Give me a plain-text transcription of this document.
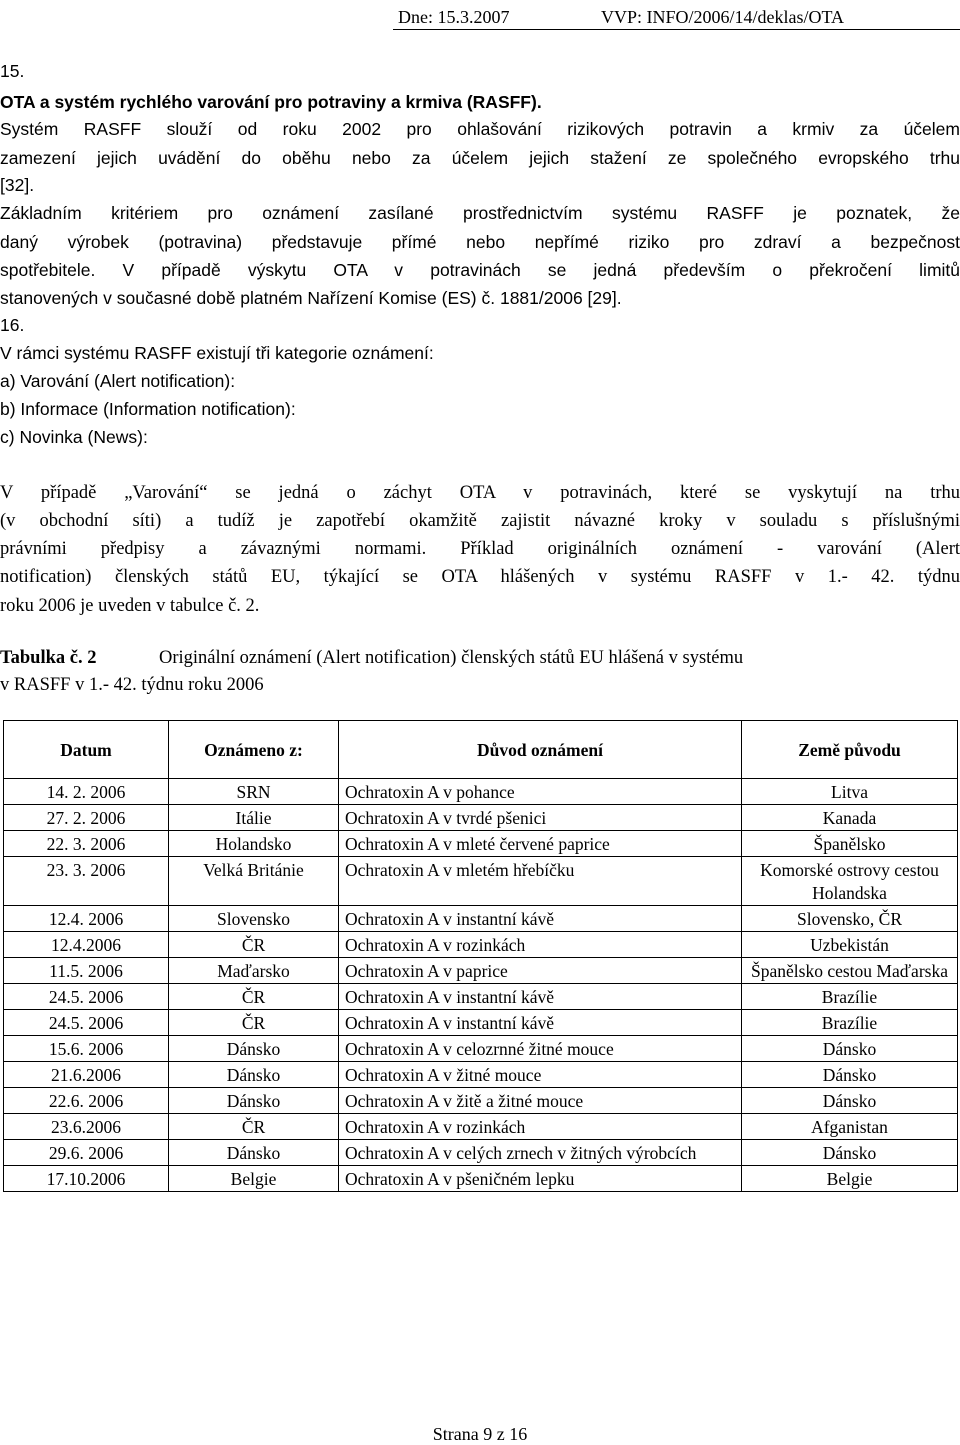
Dne: 15.3.2007	VVP: INFO/2006/14/deklas/OTA
15.
OTA a systém rychlého varování pro potraviny a krmiva (RASFF).
Systém RASFF slouží od roku 2002 pro ohlašování rizikových potravin a krmiv za účelem
zamezení jejich uvádění do oběhu nebo za účelem jejich stažení ze společného evropského trhu
[32].
Základním kritériem pro oznámení zasílané prostřednictvím systému RASFF je poznatek, že
daný výrobek (potravina) představuje přímé nebo nepřímé riziko pro zdraví a bezpečnost
spotřebitele. V případě výskytu OTA v potravinách se jedná především o překročení limitů
stanovených v současné době platném Nařízení Komise (ES) č. 1881/2006 [29].
16.
V rámci systému RASFF existují tři kategorie oznámení:
a) Varování (Alert notification):
b) Informace (Information notification):
c) Novinka (News):
V případě „Varování“ se jedná o záchyt OTA v potravinách, které se vyskytují na trhu
(v obchodní síti) a tudíž je zapotřebí okamžitě zajistit návazné kroky v souladu s příslušnými
právními předpisy a závaznými normami. Příklad originálních oznámení - varování (Alert
notification) členských států EU, týkající se OTA hlášených v systému RASFF v 1.- 42. týdnu
roku 2006 je uveden v tabulce č. 2.
Tabulka č. 2	Originální oznámení (Alert notification) členských států EU hlášená v systému
v RASFF v 1.- 42. týdnu roku 2006
Datum	Oznámeno z:	Důvod oznámení	Země původu
14. 2. 2006	SRN	Ochratoxin A v pohance	Litva
27. 2. 2006	Itálie	Ochratoxin A v tvrdé pšenici	Kanada
22. 3. 2006	Holandsko	Ochratoxin A v mleté červené paprice	Španělsko
23. 3. 2006	Velká Británie	Ochratoxin A v mletém hřebíčku	Komorské ostrovy cestou Holandska
12.4. 2006	Slovensko	Ochratoxin A v instantní kávě	Slovensko, ČR
12.4.2006	ČR	Ochratoxin A v rozinkách	Uzbekistán
11.5. 2006	Maďarsko	Ochratoxin A v paprice	Španělsko cestou Maďarska
24.5. 2006	ČR	Ochratoxin A v instantní kávě	Brazílie
24.5. 2006	ČR	Ochratoxin A v instantní kávě	Brazílie
15.6. 2006	Dánsko	Ochratoxin A v celozrnné žitné mouce	Dánsko
21.6.2006	Dánsko	Ochratoxin A v žitné mouce	Dánsko
22.6. 2006	Dánsko	Ochratoxin A v žitě a žitné mouce	Dánsko
23.6.2006	ČR	Ochratoxin A v rozinkách	Afganistan
29.6. 2006	Dánsko	Ochratoxin A v celých zrnech v žitných výrobcích	Dánsko
17.10.2006	Belgie	Ochratoxin A v pšeničném lepku	Belgie
Strana 9 z 16
